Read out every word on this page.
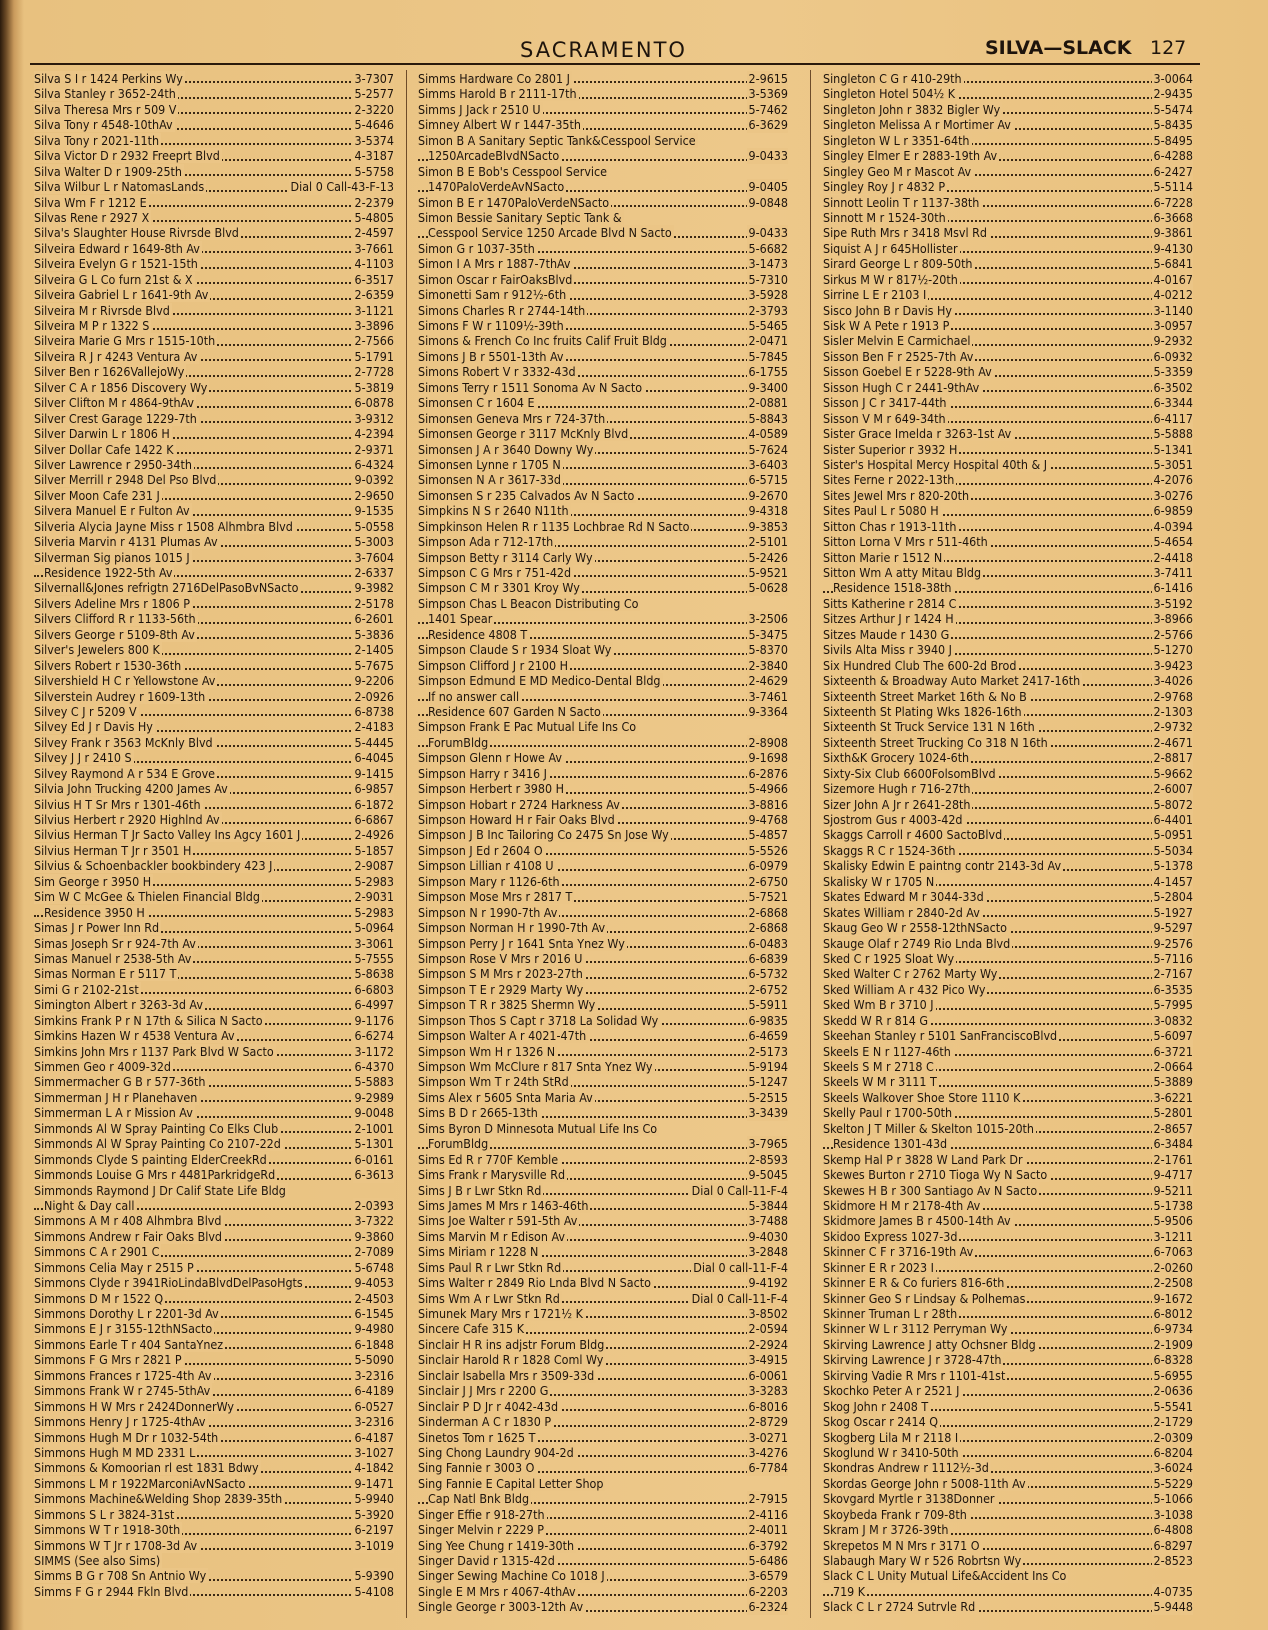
SACRAMENTO	SILVA—SLACK 127
Silva S I r 1424 Perkins Wy	3-7307
Silva Stanley r 3652-24th	5-2577
Silva Theresa Mrs r 509 V	2-3220
Silva Tony r 4548-10thAv	5-4646
Silva Tony r 2021-11th	3-5374
Silva Victor D r 2932 Freeprt Blvd	4-3187
Silva Walter D r 1909-25th	5-5758
Silva Wilbur L r NatomasLands	Dial 0 Call-43-F-13
Silva Wm F r 1212 E	2-2379
Silvas Rene r 2927 X	5-4805
Silva's Slaughter House Rivrsde Blvd	2-4597
Silveira Edward r 1649-8th Av	3-7661
Silveira Evelyn G r 1521-15th	4-1103
Silveira G L Co furn 21st & X	6-3517
Silveira Gabriel L r 1641-9th Av	2-6359
Silveira M r Rivrsde Blvd	3-1121
Silveira M P r 1322 S	3-3896
Silveira Marie G Mrs r 1515-10th	2-7566
Silveira R J r 4243 Ventura Av	5-1791
Silver Ben r 1626VallejoWy	2-7728
Silver C A r 1856 Discovery Wy	5-3819
Silver Clifton M r 4864-9thAv	6-0878
Silver Crest Garage 1229-7th	3-9312
Silver Darwin L r 1806 H	4-2394
Silver Dollar Cafe 1422 K	2-9371
Silver Lawrence r 2950-34th	6-4324
Silver Merrill r 2948 Del Pso Blvd	9-0392
Silver Moon Cafe 231 J	2-9650
Silvera Manuel E r Fulton Av	9-1535
Silveria Alycia Jayne Miss r 1508 Alhmbra Blvd	5-0558
Silveria Marvin r 4131 Plumas Av	5-3003
Silverman Sig pianos 1015 J	3-7604
Residence 1922-5th Av	2-6337
Silvernall&Jones refrigtn 2716DelPasoBvNSacto	9-3982
Silvers Adeline Mrs r 1806 P	2-5178
Silvers Clifford R r 1133-56th	6-2601
Silvers George r 5109-8th Av	5-3836
Silver's Jewelers 800 K	2-1405
Silvers Robert r 1530-36th	5-7675
Silvershield H C r Yellowstone Av	9-2206
Silverstein Audrey r 1609-13th	2-0926
Silvey C J r 5209 V	6-8738
Silvey Ed J r Davis Hy	2-4183
Silvey Frank r 3563 McKnly Blvd	5-4445
Silvey J J r 2410 S	6-4045
Silvey Raymond A r 534 E Grove	9-1415
Silvia John Trucking 4200 James Av	6-9857
Silvius H T Sr Mrs r 1301-46th	6-1872
Silvius Herbert r 2920 Highlnd Av	6-6867
Silvius Herman T Jr Sacto Valley Ins Agcy 1601 J	2-4926
Silvius Herman T Jr r 3501 H	5-1857
Silvius & Schoenbackler bookbindery 423 J	2-9087
Sim George r 3950 H	5-2983
Sim W C McGee & Thielen Financial Bldg	2-9031
Residence 3950 H	5-2983
Simas J r Power Inn Rd	5-0964
Simas Joseph Sr r 924-7th Av	3-3061
Simas Manuel r 2538-5th Av	5-7555
Simas Norman E r 5117 T	5-8638
Simi G r 2102-21st	6-6803
Simington Albert r 3263-3d Av	6-4997
Simkins Frank P r N 17th & Silica N Sacto	9-1176
Simkins Hazen W r 4538 Ventura Av	6-6274
Simkins John Mrs r 1137 Park Blvd W Sacto	3-1172
Simmen Geo r 4009-32d	6-4370
Simmermacher G B r 577-36th	5-5883
Simmerman J H r Planehaven	9-2989
Simmerman L A r Mission Av	9-0048
Simmonds Al W Spray Painting Co Elks Club	2-1001
Simmonds Al W Spray Painting Co 2107-22d	5-1301
Simmonds Clyde S painting ElderCreekRd	6-0161
Simmonds Louise G Mrs r 4481ParkridgeRd	6-3613
Simmonds Raymond J Dr Calif State Life Bldg
Night & Day call	2-0393
Simmons A M r 408 Alhmbra Blvd	3-7322
Simmons Andrew r Fair Oaks Blvd	9-3860
Simmons C A r 2901 C	2-7089
Simmons Celia May r 2515 P	5-6748
Simmons Clyde r 3941RioLindaBlvdDelPasoHgts	9-4053
Simmons D M r 1522 Q	2-4503
Simmons Dorothy L r 2201-3d Av	6-1545
Simmons E J r 3155-12thNSacto	9-4980
Simmons Earle T r 404 SantaYnez	6-1848
Simmons F G Mrs r 2821 P	5-5090
Simmons Frances r 1725-4th Av	3-2316
Simmons Frank W r 2745-5thAv	6-4189
Simmons H W Mrs r 2424DonnerWy	6-0527
Simmons Henry J r 1725-4thAv	3-2316
Simmons Hugh M Dr r 1032-54th	6-4187
Simmons Hugh M MD 2331 L	3-1027
Simmons & Komoorian rl est 1831 Bdwy	4-1842
Simmons L M r 1922MarconiAvNSacto	9-1471
Simmons Machine&Welding Shop 2839-35th	5-9940
Simmons S L r 3824-31st	5-3920
Simmons W T r 1918-30th	6-2197
Simmons W T Jr r 1708-3d Av	3-1019
SIMMS (See also Sims)
Simms B G r 708 Sn Antnio Wy	5-9390
Simms F G r 2944 Fkln Blvd	5-4108
Simms Hardware Co 2801 J	2-9615
Simms Harold B r 2111-17th	3-5369
Simms J Jack r 2510 U	5-7462
Simney Albert W r 1447-35th	6-3629
Simon B A Sanitary Septic Tank&Cesspool Service
1250ArcadeBlvdNSacto	9-0433
Simon B E Bob's Cesspool Service
1470PaloVerdeAvNSacto	9-0405
Simon B E r 1470PaloVerdeNSacto	9-0848
Simon Bessie Sanitary Septic Tank &
Cesspool Service 1250 Arcade Blvd N Sacto	9-0433
Simon G r 1037-35th	5-6682
Simon I A Mrs r 1887-7thAv	3-1473
Simon Oscar r FairOaksBlvd	5-7310
Simonetti Sam r 912½-6th	3-5928
Simons Charles R r 2744-14th	2-3793
Simons F W r 1109½-39th	5-5465
Simons & French Co Inc fruits Calif Fruit Bldg	2-0471
Simons J B r 5501-13th Av	5-7845
Simons Robert V r 3332-43d	6-1755
Simons Terry r 1511 Sonoma Av N Sacto	9-3400
Simonsen C r 1604 E	2-0881
Simonsen Geneva Mrs r 724-37th	5-8843
Simonsen George r 3117 McKnly Blvd	4-0589
Simonsen J A r 3640 Downy Wy	5-7624
Simonsen Lynne r 1705 N	3-6403
Simonsen N A r 3617-33d	6-5715
Simonsen S r 235 Calvados Av N Sacto	9-2670
Simpkins N S r 2640 N11th	9-4318
Simpkinson Helen R r 1135 Lochbrae Rd N Sacto	9-3853
Simpson Ada r 712-17th	2-5101
Simpson Betty r 3114 Carly Wy	5-2426
Simpson C G Mrs r 751-42d	5-9521
Simpson C M r 3301 Kroy Wy	5-0628
Simpson Chas L Beacon Distributing Co
1401 Spear	3-2506
Residence 4808 T	5-3475
Simpson Claude S r 1934 Sloat Wy	5-8370
Simpson Clifford J r 2100 H	2-3840
Simpson Edmund E MD Medico-Dental Bldg	2-4629
If no answer call	3-7461
Residence 607 Garden N Sacto	9-3364
Simpson Frank E Pac Mutual Life Ins Co
ForumBldg	2-8908
Simpson Glenn r Howe Av	9-1698
Simpson Harry r 3416 J	6-2876
Simpson Herbert r 3980 H	5-4966
Simpson Hobart r 2724 Harkness Av	3-8816
Simpson Howard H r Fair Oaks Blvd	9-4768
Simpson J B Inc Tailoring Co 2475 Sn Jose Wy	5-4857
Simpson J Ed r 2604 O	5-5526
Simpson Lillian r 4108 U	6-0979
Simpson Mary r 1126-6th	2-6750
Simpson Mose Mrs r 2817 T	5-7521
Simpson N r 1990-7th Av	2-6868
Simpson Norman H r 1990-7th Av	2-6868
Simpson Perry J r 1641 Snta Ynez Wy	6-0483
Simpson Rose V Mrs r 2016 U	6-6839
Simpson S M Mrs r 2023-27th	6-5732
Simpson T E r 2929 Marty Wy	2-6752
Simpson T R r 3825 Shermn Wy	5-5911
Simpson Thos S Capt r 3718 La Solidad Wy	6-9835
Simpson Walter A r 4021-47th	6-4659
Simpson Wm H r 1326 N	2-5173
Simpson Wm McClure r 817 Snta Ynez Wy	5-9194
Simpson Wm T r 24th StRd	5-1247
Sims Alex r 5605 Snta Maria Av	5-2515
Sims B D r 2665-13th	3-3439
Sims Byron D Minnesota Mutual Life Ins Co
ForumBldg	3-7965
Sims Ed R r 770F Kemble	2-8593
Sims Frank r Marysville Rd	9-5045
Sims J B r Lwr Stkn Rd	Dial 0 Call-11-F-4
Sims James M Mrs r 1463-46th	5-3844
Sims Joe Walter r 591-5th Av	3-7488
Sims Marvin M r Edison Av	9-4030
Sims Miriam r 1228 N	3-2848
Sims Paul R r Lwr Stkn Rd	Dial 0 call-11-F-4
Sims Walter r 2849 Rio Lnda Blvd N Sacto	9-4192
Sims Wm A r Lwr Stkn Rd	Dial 0 Call-11-F-4
Simunek Mary Mrs r 1721½ K	3-8502
Sincere Cafe 315 K	2-0594
Sinclair H R ins adjstr Forum Bldg	2-2924
Sinclair Harold R r 1828 Coml Wy	3-4915
Sinclair Isabella Mrs r 3509-33d	6-0061
Sinclair J J Mrs r 2200 G	3-3283
Sinclair P D Jr r 4042-43d	6-8016
Sinderman A C r 1830 P	2-8729
Sinetos Tom r 1625 T	3-0271
Sing Chong Laundry 904-2d	3-4276
Sing Fannie r 3003 O	6-7784
Sing Fannie E Capital Letter Shop
Cap Natl Bnk Bldg	2-7915
Singer Effie r 918-27th	2-4116
Singer Melvin r 2229 P	2-4011
Sing Yee Chung r 1419-30th	6-3792
Singer David r 1315-42d	5-6486
Singer Sewing Machine Co 1018 J	3-6579
Single E M Mrs r 4067-4thAv	6-2203
Single George r 3003-12th Av	6-2324
Singleton C G r 410-29th	3-0064
Singleton Hotel 504½ K	2-9435
Singleton John r 3832 Bigler Wy	5-5474
Singleton Melissa A r Mortimer Av	5-8435
Singleton W L r 3351-64th	5-8495
Singley Elmer E r 2883-19th Av	6-4288
Singley Geo M r Mascot Av	6-2427
Singley Roy J r 4832 P	5-5114
Sinnott Leolin T r 1137-38th	6-7228
Sinnott M r 1524-30th	6-3668
Sipe Ruth Mrs r 3418 Msvl Rd	9-3861
Siquist A J r 645Hollister	9-4130
Sirard George L r 809-50th	5-6841
Sirkus M W r 817½-20th	4-0167
Sirrine L E r 2103 I	4-0212
Sisco John B r Davis Hy	3-1140
Sisk W A Pete r 1913 P	3-0957
Sisler Melvin E Carmichael	9-2932
Sisson Ben F r 2525-7th Av	6-0932
Sisson Goebel E r 5228-9th Av	5-3359
Sisson Hugh C r 2441-9thAv	6-3502
Sisson J C r 3417-44th	6-3344
Sisson V M r 649-34th	6-4117
Sister Grace Imelda r 3263-1st Av	5-5888
Sister Superior r 3932 H	5-1341
Sister's Hospital Mercy Hospital 40th & J	5-3051
Sites Ferne r 2022-13th	4-2076
Sites Jewel Mrs r 820-20th	3-0276
Sites Paul L r 5080 H	6-9859
Sitton Chas r 1913-11th	4-0394
Sitton Lorna V Mrs r 511-46th	5-4654
Sitton Marie r 1512 N	2-4418
Sitton Wm A atty Mitau Bldg	3-7411
Residence 1518-38th	6-1416
Sitts Katherine r 2814 C	3-5192
Sitzes Arthur J r 1424 H	3-8966
Sitzes Maude r 1430 G	2-5766
Sivils Alta Miss r 3940 J	5-1270
Six Hundred Club The 600-2d Brod	3-9423
Sixteenth & Broadway Auto Market 2417-16th	3-4026
Sixteenth Street Market 16th & No B	2-9768
Sixteenth St Plating Wks 1826-16th	2-1303
Sixteenth St Truck Service 131 N 16th	2-9732
Sixteenth Street Trucking Co 318 N 16th	2-4671
Sixth&K Grocery 1024-6th	2-8817
Sixty-Six Club 6600FolsomBlvd	5-9662
Sizemore Hugh r 716-27th	2-6007
Sizer John A Jr r 2641-28th	5-8072
Sjostrom Gus r 4003-42d	6-4401
Skaggs Carroll r 4600 SactoBlvd	5-0951
Skaggs R C r 1524-36th	5-5034
Skalisky Edwin E paintng contr 2143-3d Av	5-1378
Skalisky W r 1705 N	4-1457
Skates Edward M r 3044-33d	5-2804
Skates William r 2840-2d Av	5-1927
Skaug Geo W r 2558-12thNSacto	9-5297
Skauge Olaf r 2749 Rio Lnda Blvd	9-2576
Sked C r 1925 Sloat Wy	5-7116
Sked Walter C r 2762 Marty Wy	2-7167
Sked William A r 432 Pico Wy	6-3535
Sked Wm B r 3710 J	5-7995
Skedd W R r 814 G	3-0832
Skeehan Stanley r 5101 SanFranciscoBlvd	5-6097
Skeels E N r 1127-46th	6-3721
Skeels S M r 2718 C	2-0664
Skeels W M r 3111 T	5-3889
Skeels Walkover Shoe Store 1110 K	3-6221
Skelly Paul r 1700-50th	5-2801
Skelton J T Miller & Skelton 1015-20th	2-8657
Residence 1301-43d	6-3484
Skemp Hal P r 3828 W Land Park Dr	2-1761
Skewes Burton r 2710 Tioga Wy N Sacto	9-4717
Skewes H B r 300 Santiago Av N Sacto	9-5211
Skidmore H M r 2178-4th Av	5-1738
Skidmore James B r 4500-14th Av	5-9506
Skidoo Express 1027-3d	3-1211
Skinner C F r 3716-19th Av	6-7063
Skinner E R r 2023 I	2-0260
Skinner E R & Co furiers 816-6th	2-2508
Skinner Geo S r Lindsay & Polhemas	9-1672
Skinner Truman L r 28th	6-8012
Skinner W L r 3112 Perryman Wy	6-9734
Skirving Lawrence J atty Ochsner Bldg	2-1909
Skirving Lawrence J r 3728-47th	6-8328
Skirving Vadie R Mrs r 1101-41st	5-6955
Skochko Peter A r 2521 J	2-0636
Skog John r 2408 T	5-5541
Skog Oscar r 2414 Q	2-1729
Skogberg Lila M r 2118 I	2-0309
Skoglund W r 3410-50th	6-8204
Skondras Andrew r 1112½-3d	3-6024
Skordas George John r 5008-11th Av	5-5229
Skovgard Myrtle r 3138Donner	5-1066
Skoybeda Frank r 709-8th	3-1038
Skram J M r 3726-39th	6-4808
Skrepetos M N Mrs r 3171 O	6-8297
Slabaugh Mary W r 526 Robrtsn Wy	2-8523
Slack C L Unity Mutual Life&Accident Ins Co
719 K	4-0735
Slack C L r 2724 Sutrvle Rd	5-9448
